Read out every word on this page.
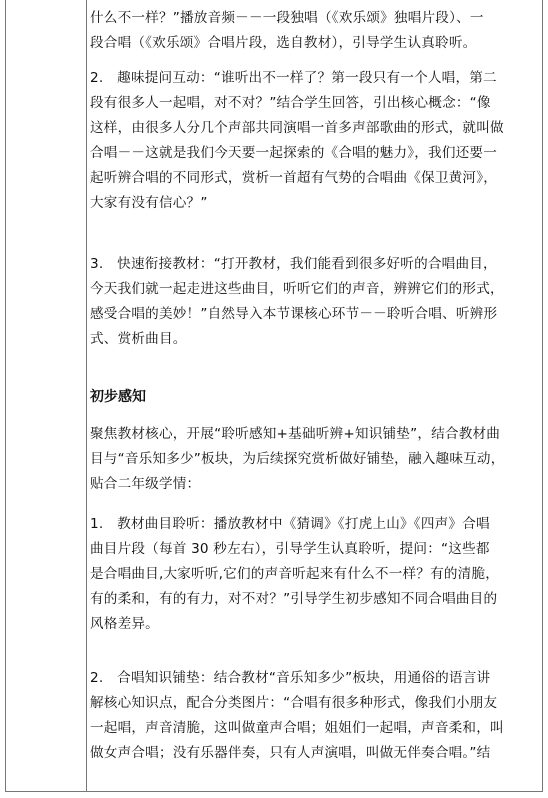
什么不一样？”播放音频－－一段独唱（《欢乐颂》独唱片段）、一

段合唱（《欢乐颂》合唱片段，选自教材），引导学生认真聆听。

2.　趣味提问互动：“谁听出不一样了？第一段只有一个人唱，第二

段有很多人一起唱，对不对？”结合学生回答，引出核心概念：“像

这样，由很多人分几个声部共同演唱一首多声部歌曲的形式，就叫做

合唱－－这就是我们今天要一起探索的《合唱的魅力》，我们还要一

起听辨合唱的不同形式，赏析一首超有气势的合唱曲《保卫黄河》，

大家有没有信心？”

3.　快速衔接教材：“打开教材，我们能看到很多好听的合唱曲目，

今天我们就一起走进这些曲目，听听它们的声音，辨辨它们的形式，

感受合唱的美妙！”自然导入本节课核心环节－－聆听合唱、听辨形

式、赏析曲目。

初步感知

聚焦教材核心，开展“聆听感知+基础听辨+知识铺垫”，结合教材曲

目与“音乐知多少”板块，为后续探究赏析做好铺垫，融入趣味互动，

贴合二年级学情：

1.　教材曲目聆听：播放教材中《猜调》《打虎上山》《四声》合唱

曲目片段（每首 30 秒左右），引导学生认真聆听，提问：“这些都

是合唱曲目,大家听听,它们的声音听起来有什么不一样？有的清脆，

有的柔和，有的有力，对不对？”引导学生初步感知不同合唱曲目的

风格差异。

2.　合唱知识铺垫：结合教材“音乐知多少”板块，用通俗的语言讲

解核心知识点，配合分类图片：“合唱有很多种形式，像我们小朋友

一起唱，声音清脆，这叫做童声合唱；姐姐们一起唱，声音柔和，叫

做女声合唱；没有乐器伴奏，只有人声演唱，叫做无伴奏合唱。”结
